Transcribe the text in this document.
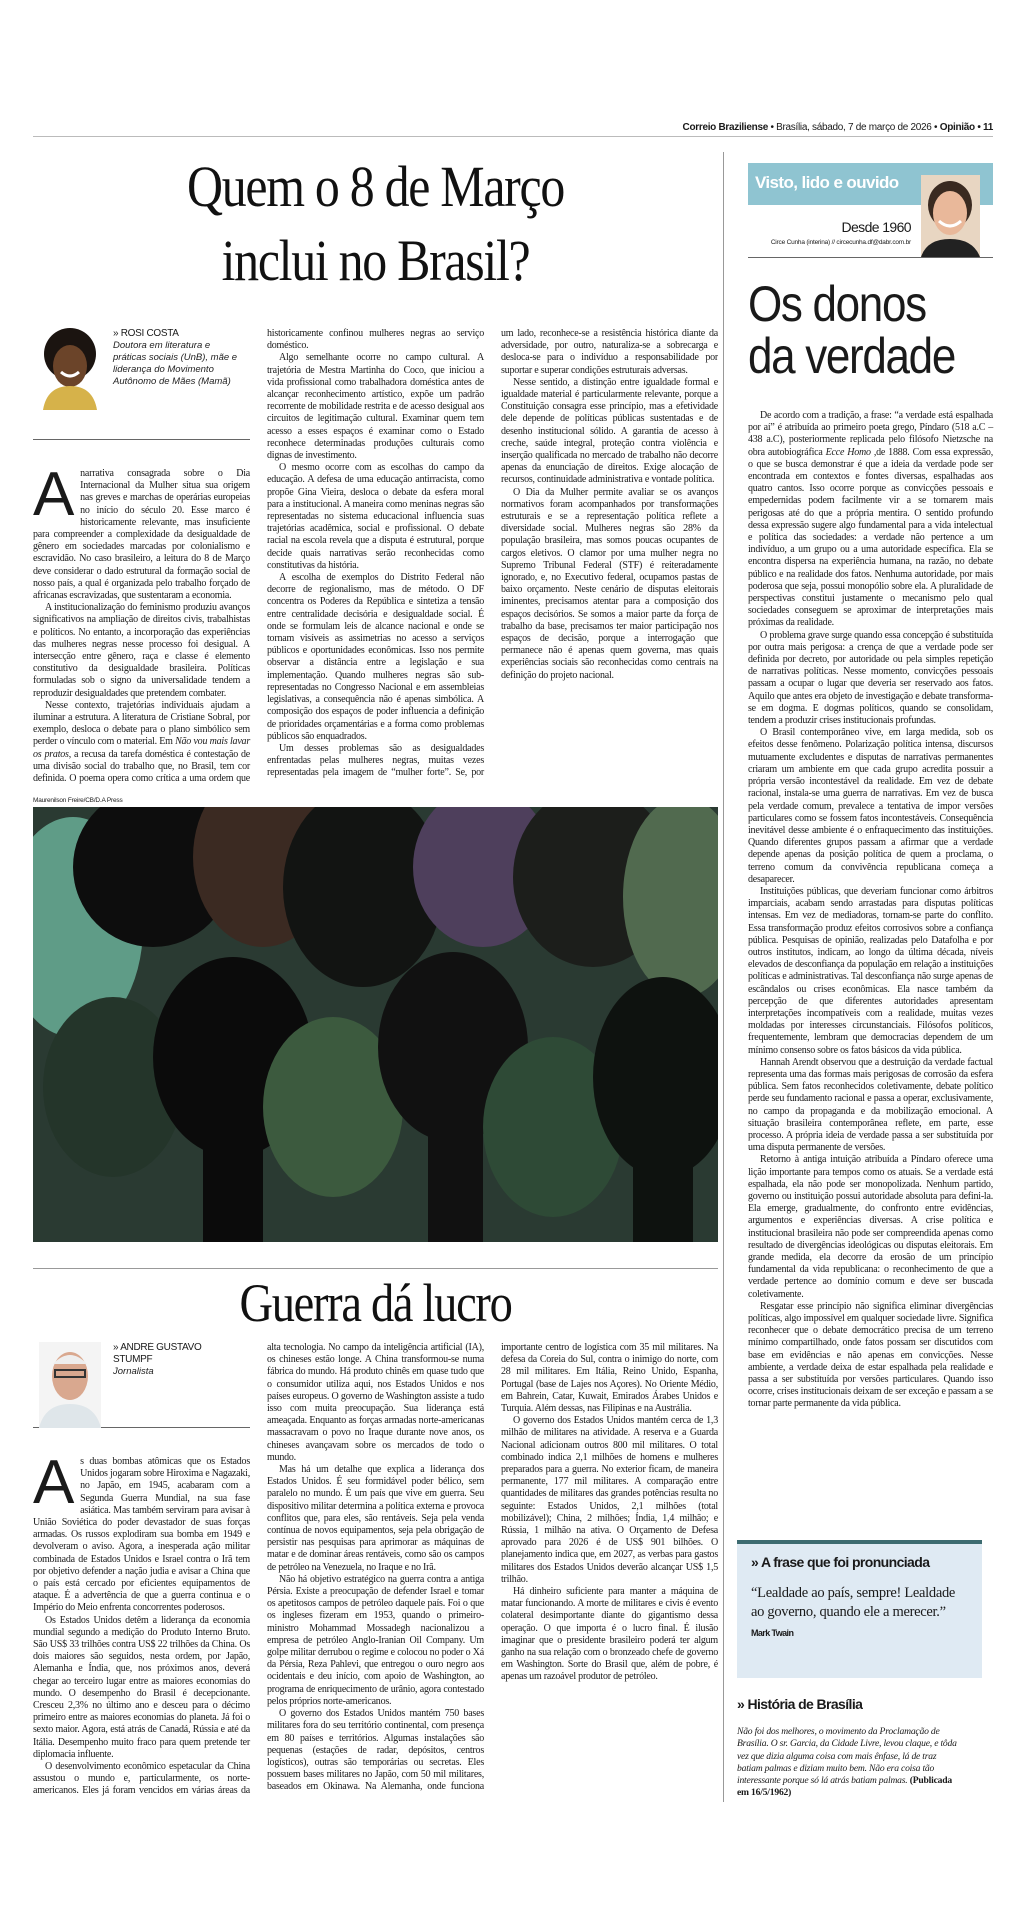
Correio Braziliense • Brasília, sábado, 7 de março de 2026 • Opinião • 11
Quem o 8 de Março
inclui no Brasil?
» ROSI COSTA
Doutora em literatura e práticas sociais (UnB), mãe e liderança do Movimento Autônomo de Mães (Mamã)

A narrativa consagrada sobre o Dia Internacional da Mulher situa sua origem nas greves e marchas de operárias europeias no início do século 20. Esse marco é historicamente relevante, mas insuficiente para compreender a complexidade da desigualdade de gênero em sociedades marcadas por colonialismo e escravidão. No caso brasileiro, a leitura do 8 de Março deve considerar o dado estrutural da formação social de nosso país, a qual é organizada pelo trabalho forçado de africanas escravizadas, que sustentaram a economia.

A institucionalização do feminismo produziu avanços significativos na ampliação de direitos civis, trabalhistas e políticos. No entanto, a incorporação das experiências das mulheres negras nesse processo foi desigual. A intersecção entre gênero, raça e classe é elemento constitutivo da desigualdade brasileira. Políticas formuladas sob o signo da universalidade tendem a reproduzir desigualdades que pretendem combater.

Nesse contexto, trajetórias individuais ajudam a iluminar a estrutura. A literatura de Cristiane Sobral, por exemplo, desloca o debate para o plano simbólico sem perder o vínculo com o material. Em Não vou mais lavar os pratos, a recusa da tarefa doméstica é contestação de uma divisão social do trabalho que, no Brasil, tem cor definida. O poema opera como crítica a uma ordem que historicamente confinou mulheres negras ao serviço doméstico.

Algo semelhante ocorre no campo cultural. A trajetória de Mestra Martinha do Coco, que iniciou a vida profissional como trabalhadora doméstica antes de alcançar reconhecimento artístico, expõe um padrão recorrente de mobilidade restrita e de acesso desigual aos circuitos de legitimação cultural. Examinar quem tem acesso a esses espaços é examinar como o Estado reconhece determinadas produções culturais como dignas de investimento.

O mesmo ocorre com as escolhas do campo da educação. A defesa de uma educação antirracista, como propõe Gina Vieira, desloca o debate da esfera moral para a institucional. A maneira como meninas negras são representadas no sistema educacional influencia suas trajetórias acadêmica, social e profissional. O debate racial na escola revela que a disputa é estrutural, porque decide quais narrativas serão reconhecidas como constitutivas da história.

A escolha de exemplos do Distrito Federal não decorre de regionalismo, mas de método. O DF concentra os Poderes da República e sintetiza a tensão entre centralidade decisória e desigualdade social. É onde se formulam leis de alcance nacional e onde se tornam visíveis as assimetrias no acesso a serviços públicos e oportunidades econômicas. Isso nos permite observar a distância entre a legislação e sua implementação. Quando mulheres negras são sub-representadas no Congresso Nacional e em assembleias legislativas, a consequência não é apenas simbólica. A composição dos espaços de poder influencia a definição de prioridades orçamentárias e a forma como problemas públicos são enquadrados.

Um desses problemas são as desigualdades enfrentadas pelas mulheres negras, muitas vezes representadas pela imagem de “mulher forte”. Se, por um lado, reconhece-se a resistência histórica diante da adversidade, por outro, naturaliza-se a sobrecarga e desloca-se para o indivíduo a responsabilidade por suportar e superar condições estruturais adversas.

Nesse sentido, a distinção entre igualdade formal e igualdade material é particularmente relevante, porque a Constituição consagra esse princípio, mas a efetividade dele depende de políticas públicas sustentadas e de desenho institucional sólido. A garantia de acesso à creche, saúde integral, proteção contra violência e inserção qualificada no mercado de trabalho não decorre apenas da enunciação de direitos. Exige alocação de recursos, continuidade administrativa e vontade política.

O Dia da Mulher permite avaliar se os avanços normativos foram acompanhados por transformações estruturais e se a representação política reflete a diversidade social. Mulheres negras são 28% da população brasileira, mas somos poucas ocupantes de cargos eletivos. O clamor por uma mulher negra no Supremo Tribunal Federal (STF) é reiteradamente ignorado, e, no Executivo federal, ocupamos pastas de baixo orçamento. Neste cenário de disputas eleitorais iminentes, precisamos atentar para a composição dos espaços decisórios. Se somos a maior parte da força de trabalho da base, precisamos ter maior participação nos espaços de decisão, porque a interrogação que permanece não é apenas quem governa, mas quais experiências sociais são reconhecidas como centrais na definição do projeto nacional.

Maurenilson Freire/CB/D.A Press
Guerra dá lucro
» ANDRÉ GUSTAVO STUMPF
Jornalista

As duas bombas atômicas que os Estados Unidos jogaram sobre Hiroxima e Nagazaki, no Japão, em 1945, acabaram com a Segunda Guerra Mundial, na sua fase asiática. Mas também serviram para avisar à União Soviética do poder devastador de suas forças armadas. Os russos explodiram sua bomba em 1949 e devolveram o aviso. Agora, a inesperada ação militar combinada de Estados Unidos e Israel contra o Irã tem por objetivo defender a nação judia e avisar a China que o país está cercado por eficientes equipamentos de ataque. É a advertência de que a guerra continua e o Império do Meio enfrenta concorrentes poderosos.

Os Estados Unidos detêm a liderança da economia mundial segundo a medição do Produto Interno Bruto. São US$ 33 trilhões contra US$ 22 trilhões da China. Os dois maiores são seguidos, nesta ordem, por Japão, Alemanha e Índia, que, nos próximos anos, deverá chegar ao terceiro lugar entre as maiores economias do mundo. O desempenho do Brasil é decepcionante. Cresceu 2,3% no último ano e desceu para o décimo primeiro entre as maiores economias do planeta. Já foi o sexto maior. Agora, está atrás de Canadá, Rússia e até da Itália. Desempenho muito fraco para quem pretende ter diplomacia influente.

O desenvolvimento econômico espetacular da China assustou o mundo e, particularmente, os norte-americanos. Eles já foram vencidos em várias áreas da alta tecnologia. No campo da inteligência artificial (IA), os chineses estão longe. A China transformou-se numa fábrica do mundo. Há produto chinês em quase tudo que o consumidor utiliza aqui, nos Estados Unidos e nos países europeus. O governo de Washington assiste a tudo isso com muita preocupação. Sua liderança está ameaçada. Enquanto as forças armadas norte-americanas massacravam o povo no Iraque durante nove anos, os chineses avançavam sobre os mercados de todo o mundo.

Mas há um detalhe que explica a liderança dos Estados Unidos. É seu formidável poder bélico, sem paralelo no mundo. É um país que vive em guerra. Seu dispositivo militar determina a política externa e provoca conflitos que, para eles, são rentáveis. Seja pela venda contínua de novos equipamentos, seja pela obrigação de persistir nas pesquisas para aprimorar as máquinas de matar e de dominar áreas rentáveis, como são os campos de petróleo na Venezuela, no Iraque e no Irã.

Não há objetivo estratégico na guerra contra a antiga Pérsia. Existe a preocupação de defender Israel e tomar os apetitosos campos de petróleo daquele país. Foi o que os ingleses fizeram em 1953, quando o primeiro-ministro Mohammad Mossadegh nacionalizou a empresa de petróleo Anglo-Iranian Oil Company. Um golpe militar derrubou o regime e colocou no poder o Xá da Pérsia, Reza Pahlevi, que entregou o ouro negro aos ocidentais e deu início, com apoio de Washington, ao programa de enriquecimento de urânio, agora contestado pelos próprios norte-americanos.

O governo dos Estados Unidos mantém 750 bases militares fora do seu território continental, com presença em 80 países e territórios. Algumas instalações são pequenas (estações de radar, depósitos, centros logísticos), outras são temporárias ou secretas. Eles possuem bases militares no Japão, com 50 mil militares, baseados em Okinawa. Na Alemanha, onde funciona importante centro de logística com 35 mil militares. Na defesa da Coreia do Sul, contra o inimigo do norte, com 28 mil militares. Em Itália, Reino Unido, Espanha, Portugal (base de Lajes nos Açores). No Oriente Médio, em Bahrein, Catar, Kuwait, Emirados Árabes Unidos e Turquia. Além dessas, nas Filipinas e na Austrália.

O governo dos Estados Unidos mantém cerca de 1,3 milhão de militares na atividade. A reserva e a Guarda Nacional adicionam outros 800 mil militares. O total combinado indica 2,1 milhões de homens e mulheres preparados para a guerra. No exterior ficam, de maneira permanente, 177 mil militares. A comparação entre quantidades de militares das grandes potências resulta no seguinte: Estados Unidos, 2,1 milhões (total mobilizável); China, 2 milhões; Índia, 1,4 milhão; e Rússia, 1 milhão na ativa. O Orçamento de Defesa aprovado para 2026 é de US$ 901 bilhões. O planejamento indica que, em 2027, as verbas para gastos militares dos Estados Unidos deverão alcançar US$ 1,5 trilhão.

Há dinheiro suficiente para manter a máquina de matar funcionando. A morte de militares e civis é evento colateral desimportante diante do gigantismo dessa operação. O que importa é o lucro final. É ilusão imaginar que o presidente brasileiro poderá ter algum ganho na sua relação com o bronzeado chefe de governo em Washington. Sorte do Brasil que, além de pobre, é apenas um razoável produtor de petróleo.

Visto, lido e ouvido
Desde 1960
Circe Cunha (interina) // circecunha.df@dabr.com.br
Os donos
da verdade

De acordo com a tradição, a frase: “a verdade está espalhada por aí” é atribuída ao primeiro poeta grego, Píndaro (518 a.C – 438 a.C), posteriormente replicada pelo filósofo Nietzsche na obra autobiográfica Ecce Homo ,de 1888. Com essa expressão, o que se busca demonstrar é que a ideia da verdade pode ser encontrada em contextos e fontes diversas, espalhadas aos quatro cantos. Isso ocorre porque as convicções pessoais e empedernidas podem facilmente vir a se tornarem mais perigosas até do que a própria mentira. O sentido profundo dessa expressão sugere algo fundamental para a vida intelectual e política das sociedades: a verdade não pertence a um indivíduo, a um grupo ou a uma autoridade específica. Ela se encontra dispersa na experiência humana, na razão, no debate público e na realidade dos fatos. Nenhuma autoridade, por mais poderosa que seja, possui monopólio sobre ela. A pluralidade de perspectivas constitui justamente o mecanismo pelo qual sociedades conseguem se aproximar de interpretações mais próximas da realidade.

O problema grave surge quando essa concepção é substituída por outra mais perigosa: a crença de que a verdade pode ser definida por decreto, por autoridade ou pela simples repetição de narrativas políticas. Nesse momento, convicções pessoais passam a ocupar o lugar que deveria ser reservado aos fatos. Aquilo que antes era objeto de investigação e debate transforma-se em dogma. E dogmas políticos, quando se consolidam, tendem a produzir crises institucionais profundas.

O Brasil contemporâneo vive, em larga medida, sob os efeitos desse fenômeno. Polarização política intensa, discursos mutuamente excludentes e disputas de narrativas permanentes criaram um ambiente em que cada grupo acredita possuir a própria versão incontestável da realidade. Em vez de debate racional, instala-se uma guerra de narrativas. Em vez de busca pela verdade comum, prevalece a tentativa de impor versões particulares como se fossem fatos incontestáveis. Consequência inevitável desse ambiente é o enfraquecimento das instituições. Quando diferentes grupos passam a afirmar que a verdade depende apenas da posição política de quem a proclama, o terreno comum da convivência republicana começa a desaparecer.

Instituições públicas, que deveriam funcionar como árbitros imparciais, acabam sendo arrastadas para disputas políticas intensas. Em vez de mediadoras, tornam-se parte do conflito. Essa transformação produz efeitos corrosivos sobre a confiança pública. Pesquisas de opinião, realizadas pelo Datafolha e por outros institutos, indicam, ao longo da última década, níveis elevados de desconfiança da população em relação a instituições políticas e administrativas. Tal desconfiança não surge apenas de escândalos ou crises econômicas. Ela nasce também da percepção de que diferentes autoridades apresentam interpretações incompatíveis com a realidade, muitas vezes moldadas por interesses circunstanciais. Filósofos políticos, frequentemente, lembram que democracias dependem de um mínimo consenso sobre os fatos básicos da vida pública.

Hannah Arendt observou que a destruição da verdade factual representa uma das formas mais perigosas de corrosão da esfera pública. Sem fatos reconhecidos coletivamente, debate político perde seu fundamento racional e passa a operar, exclusivamente, no campo da propaganda e da mobilização emocional. A situação brasileira contemporânea reflete, em parte, esse processo. A própria ideia de verdade passa a ser substituída por uma disputa permanente de versões.

Retorno à antiga intuição atribuída a Píndaro oferece uma lição importante para tempos como os atuais. Se a verdade está espalhada, ela não pode ser monopolizada. Nenhum partido, governo ou instituição possui autoridade absoluta para defini-la. Ela emerge, gradualmente, do confronto entre evidências, argumentos e experiências diversas. A crise política e institucional brasileira não pode ser compreendida apenas como resultado de divergências ideológicas ou disputas eleitorais. Em grande medida, ela decorre da erosão de um princípio fundamental da vida republicana: o reconhecimento de que a verdade pertence ao domínio comum e deve ser buscada coletivamente.

Resgatar esse princípio não significa eliminar divergências políticas, algo impossível em qualquer sociedade livre. Significa reconhecer que o debate democrático precisa de um terreno mínimo compartilhado, onde fatos possam ser discutidos com base em evidências e não apenas em convicções. Nesse ambiente, a verdade deixa de estar espalhada pela realidade e passa a ser substituída por versões particulares. Quando isso ocorre, crises institucionais deixam de ser exceção e passam a se tornar parte permanente da vida pública.

» A frase que foi pronunciada
“Lealdade ao país, sempre! Lealdade ao governo, quando ele a merecer.”
Mark Twain
» História de Brasília
Não foi dos melhores, o movimento da Proclamação de Brasília. O sr. Garcia, da Cidade Livre, levou claque, e tôda vez que dizia alguma coisa com mais ênfase, lá de traz batiam palmas e diziam muito bem. Não era coisa tão interessante porque só lá atrás batiam palmas. (Publicada em 16/5/1962)
